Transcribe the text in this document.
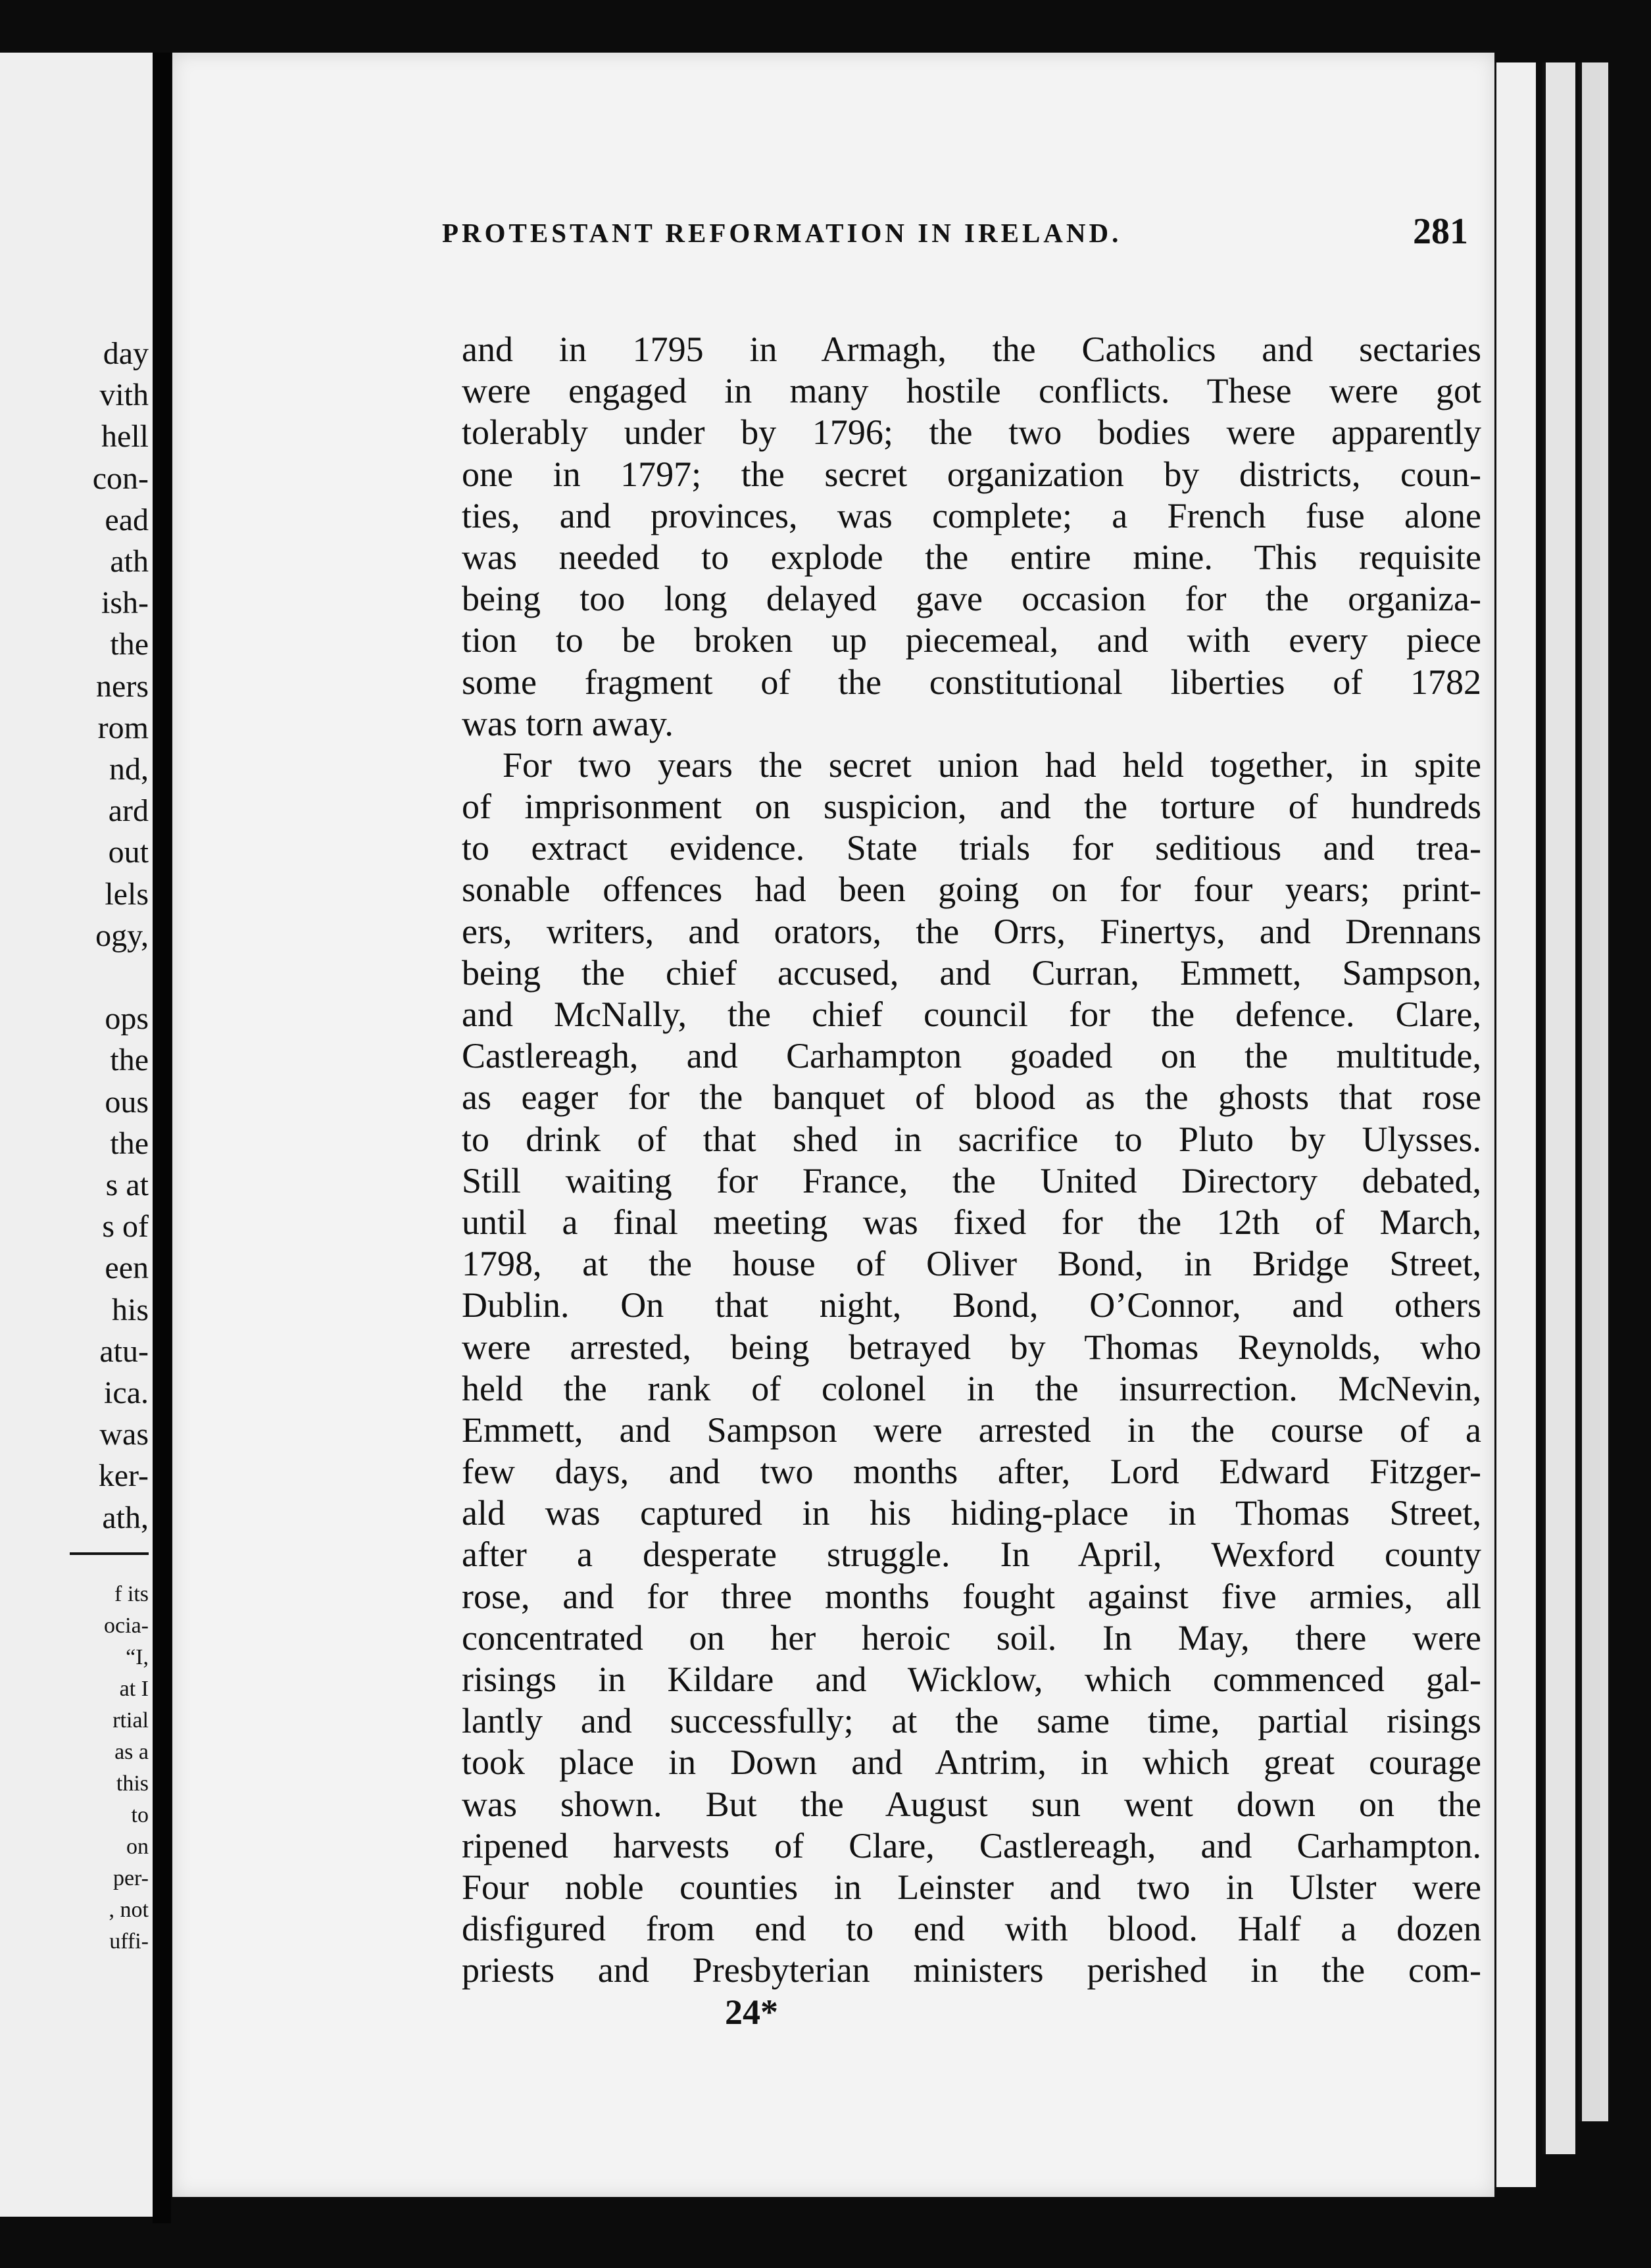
day
vith
hell
con-
ead
ath
ish-
the
ners
rom
nd,
ard
out
lels
ogy,
ops
the
ous
the
s at
s of
een
his
atu-
ica.
was
ker-
ath,
f its
ocia-
“I,
at I
rtial
as a
this
to
on
per-
, not
uffi-
PROTESTANT REFORMATION IN IRELAND.	281
and in 1795 in Armagh, the Catholics and sectaries
were engaged in many hostile conflicts. These were got
tolerably under by 1796; the two bodies were apparently
one in 1797; the secret organization by districts, coun-
ties, and provinces, was complete; a French fuse alone
was needed to explode the entire mine. This requisite
being too long delayed gave occasion for the organiza-
tion to be broken up piecemeal, and with every piece
some fragment of the constitutional liberties of 1782
was torn away.
For two years the secret union had held together, in spite
of imprisonment on suspicion, and the torture of hundreds
to extract evidence. State trials for seditious and trea-
sonable offences had been going on for four years; print-
ers, writers, and orators, the Orrs, Finertys, and Drennans
being the chief accused, and Curran, Emmett, Sampson,
and McNally, the chief council for the defence. Clare,
Castlereagh, and Carhampton goaded on the multitude,
as eager for the banquet of blood as the ghosts that rose
to drink of that shed in sacrifice to Pluto by Ulysses.
Still waiting for France, the United Directory debated,
until a final meeting was fixed for the 12th of March,
1798, at the house of Oliver Bond, in Bridge Street,
Dublin. On that night, Bond, O’Connor, and others
were arrested, being betrayed by Thomas Reynolds, who
held the rank of colonel in the insurrection. McNevin,
Emmett, and Sampson were arrested in the course of a
few days, and two months after, Lord Edward Fitzger-
ald was captured in his hiding-place in Thomas Street,
after a desperate struggle. In April, Wexford county
rose, and for three months fought against five armies, all
concentrated on her heroic soil. In May, there were
risings in Kildare and Wicklow, which commenced gal-
lantly and successfully; at the same time, partial risings
took place in Down and Antrim, in which great courage
was shown. But the August sun went down on the
ripened harvests of Clare, Castlereagh, and Carhampton.
Four noble counties in Leinster and two in Ulster were
disfigured from end to end with blood. Half a dozen
priests and Presbyterian ministers perished in the com-
24*
